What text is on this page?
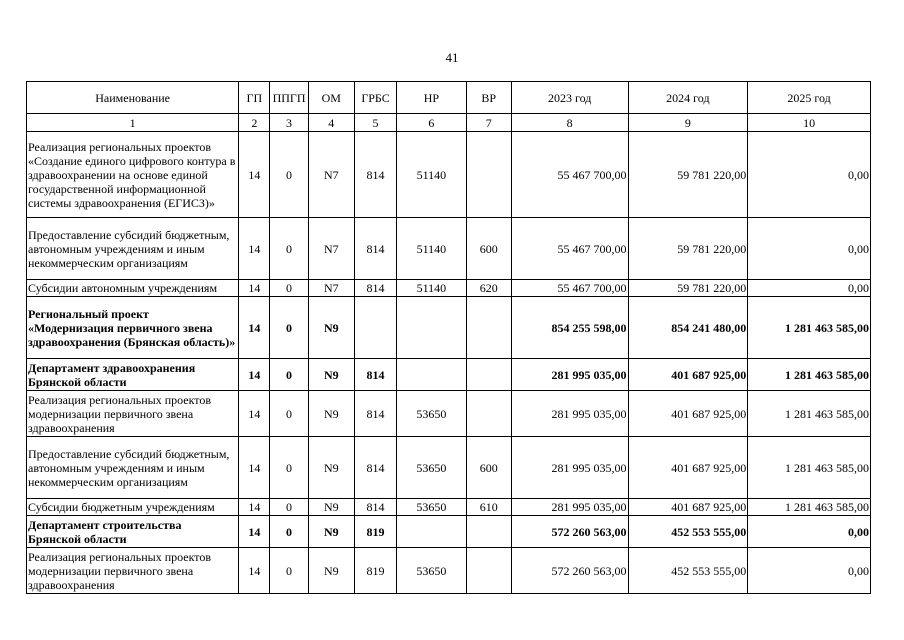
41
Наименование	ГП	ППГП	ОМ	ГРБС	НР	ВР	2023 год	2024 год	2025 год
1	2	3	4	5	6	7	8	9	10
Реализация региональных проектов «Создание единого цифрового контура в здравоохранении на основе единой государственной информационной системы здравоохранения (ЕГИСЗ)»	14	0	N7	814	51140		55 467 700,00	59 781 220,00	0,00
Предоставление субсидий бюджетным, автономным учреждениям и иным некоммерческим организациям	14	0	N7	814	51140	600	55 467 700,00	59 781 220,00	0,00
Субсидии автономным учреждениям	14	0	N7	814	51140	620	55 467 700,00	59 781 220,00	0,00
Региональный проект «Модернизация первичного звена здравоохранения (Брянская область)»	14	0	N9				854 255 598,00	854 241 480,00	1 281 463 585,00
Департамент здравоохранения Брянской области	14	0	N9	814			281 995 035,00	401 687 925,00	1 281 463 585,00
Реализация региональных проектов модернизации первичного звена здравоохранения	14	0	N9	814	53650		281 995 035,00	401 687 925,00	1 281 463 585,00
Предоставление субсидий бюджетным, автономным учреждениям и иным некоммерческим организациям	14	0	N9	814	53650	600	281 995 035,00	401 687 925,00	1 281 463 585,00
Субсидии бюджетным учреждениям	14	0	N9	814	53650	610	281 995 035,00	401 687 925,00	1 281 463 585,00
Департамент строительства Брянской области	14	0	N9	819			572 260 563,00	452 553 555,00	0,00
Реализация региональных проектов модернизации первичного звена здравоохранения	14	0	N9	819	53650		572 260 563,00	452 553 555,00	0,00
